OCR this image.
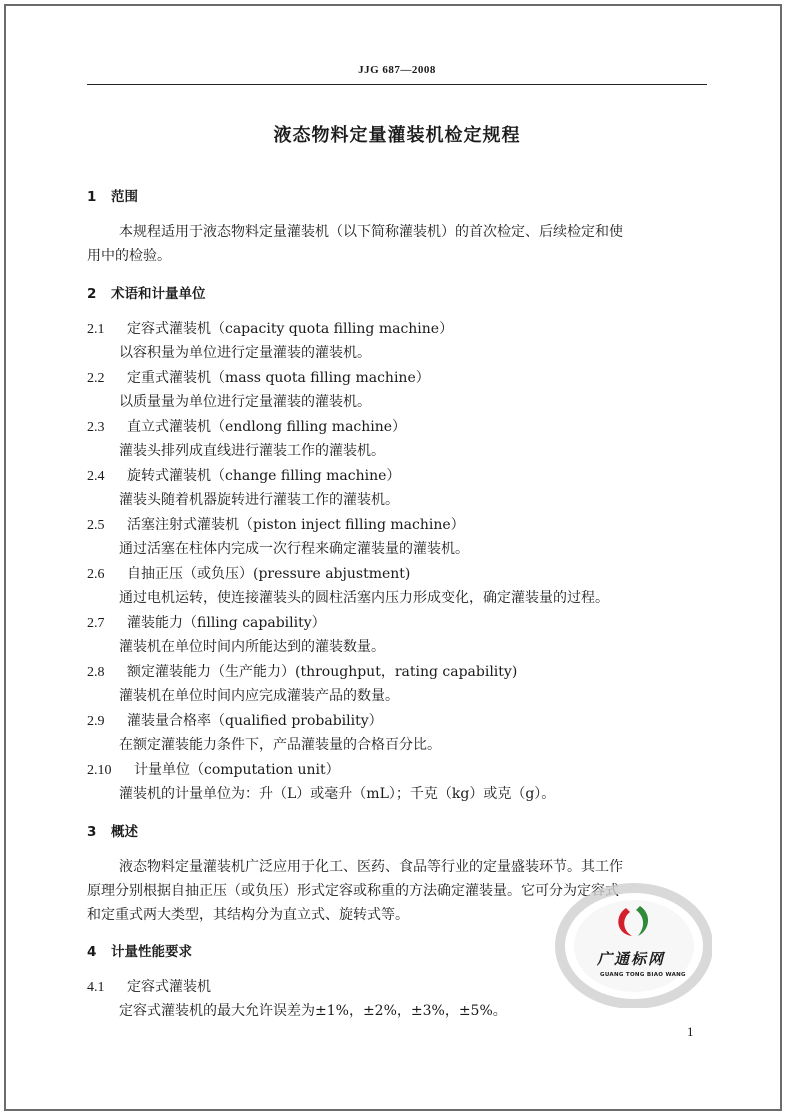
JJG 687—2008
液态物料定量灌装机检定规程
1 范围
本规程适用于液态物料定量灌装机（以下简称灌装机）的首次检定、后续检定和使
用中的检验。
2 术语和计量单位
2.1 定容式灌装机（capacity quota filling machine）
以容积量为单位进行定量灌装的灌装机。
2.2 定重式灌装机（mass quota filling machine）
以质量量为单位进行定量灌装的灌装机。
2.3 直立式灌装机（endlong filling machine）
灌装头排列成直线进行灌装工作的灌装机。
2.4 旋转式灌装机（change filling machine）
灌装头随着机器旋转进行灌装工作的灌装机。
2.5 活塞注射式灌装机（piston inject filling machine）
通过活塞在柱体内完成一次行程来确定灌装量的灌装机。
2.6 自抽正压（或负压）(pressure abjustment)
通过电机运转，使连接灌装头的圆柱活塞内压力形成变化，确定灌装量的过程。
2.7 灌装能力（filling capability）
灌装机在单位时间内所能达到的灌装数量。
2.8 额定灌装能力（生产能力）(throughput，rating capability)
灌装机在单位时间内应完成灌装产品的数量。
2.9 灌装量合格率（qualified probability）
在额定灌装能力条件下，产品灌装量的合格百分比。
2.10 计量单位（computation unit）
灌装机的计量单位为：升（L）或毫升（mL）；千克（kg）或克（g）。
3 概述
液态物料定量灌装机广泛应用于化工、医药、食品等行业的定量盛装环节。其工作
原理分别根据自抽正压（或负压）形式定容或称重的方法确定灌装量。它可分为定容式
和定重式两大类型，其结构分为直立式、旋转式等。
4 计量性能要求
4.1 定容式灌装机
定容式灌装机的最大允许误差为±1%，±2%，±3%，±5%。
广通标网
GUANG TONG BIAO WANG
1
